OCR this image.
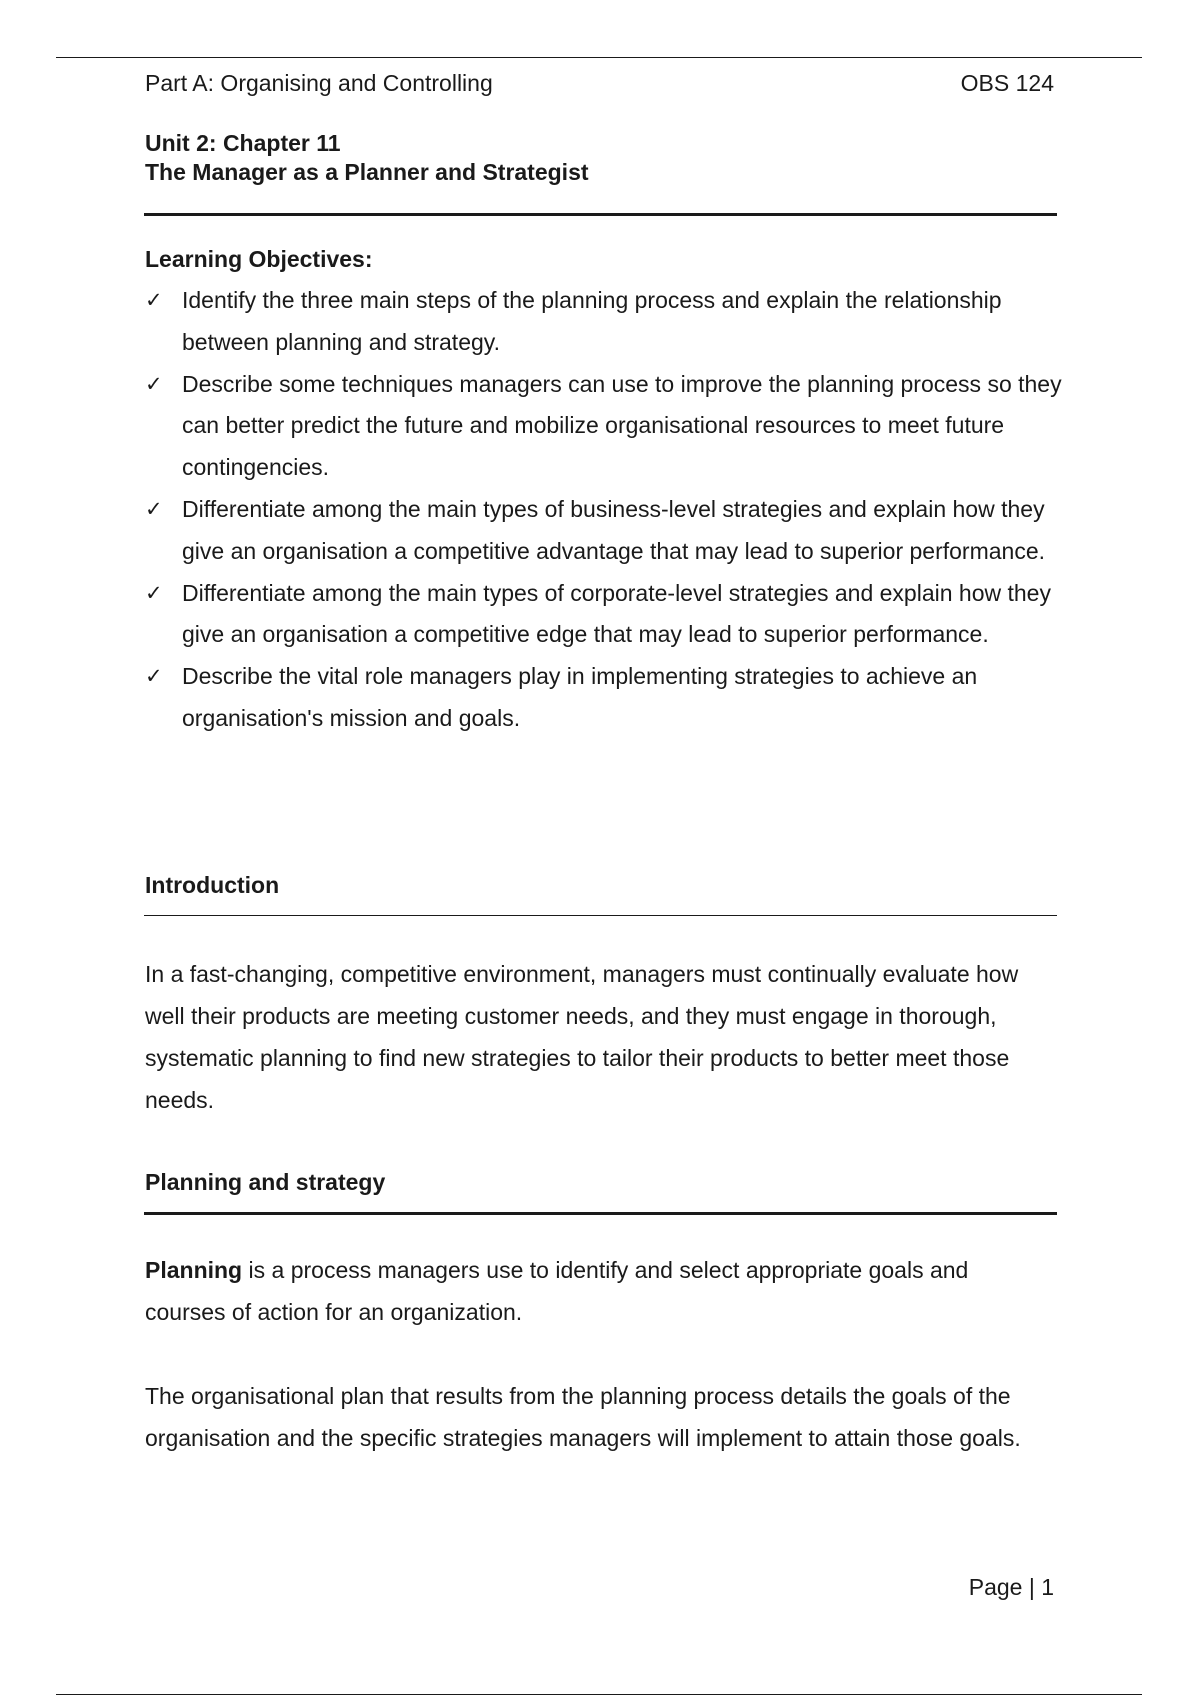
Part A: Organising and Controlling	OBS 124
Unit 2: Chapter 11
The Manager as a Planner and Strategist
Learning Objectives:
✓ Identify the three main steps of the planning process and explain the relationship between planning and strategy.
✓ Describe some techniques managers can use to improve the planning process so they can better predict the future and mobilize organisational resources to meet future contingencies.
✓ Differentiate among the main types of business-level strategies and explain how they give an organisation a competitive advantage that may lead to superior performance.
✓ Differentiate among the main types of corporate-level strategies and explain how they give an organisation a competitive edge that may lead to superior performance.
✓ Describe the vital role managers play in implementing strategies to achieve an organisation's mission and goals.
Introduction

In a fast-changing, competitive environment, managers must continually evaluate how well their products are meeting customer needs, and they must engage in thorough, systematic planning to find new strategies to tailor their products to better meet those needs.

Planning and strategy

Planning is a process managers use to identify and select appropriate goals and courses of action for an organization.

The organisational plan that results from the planning process details the goals of the organisation and the specific strategies managers will implement to attain those goals.

Page | 1
